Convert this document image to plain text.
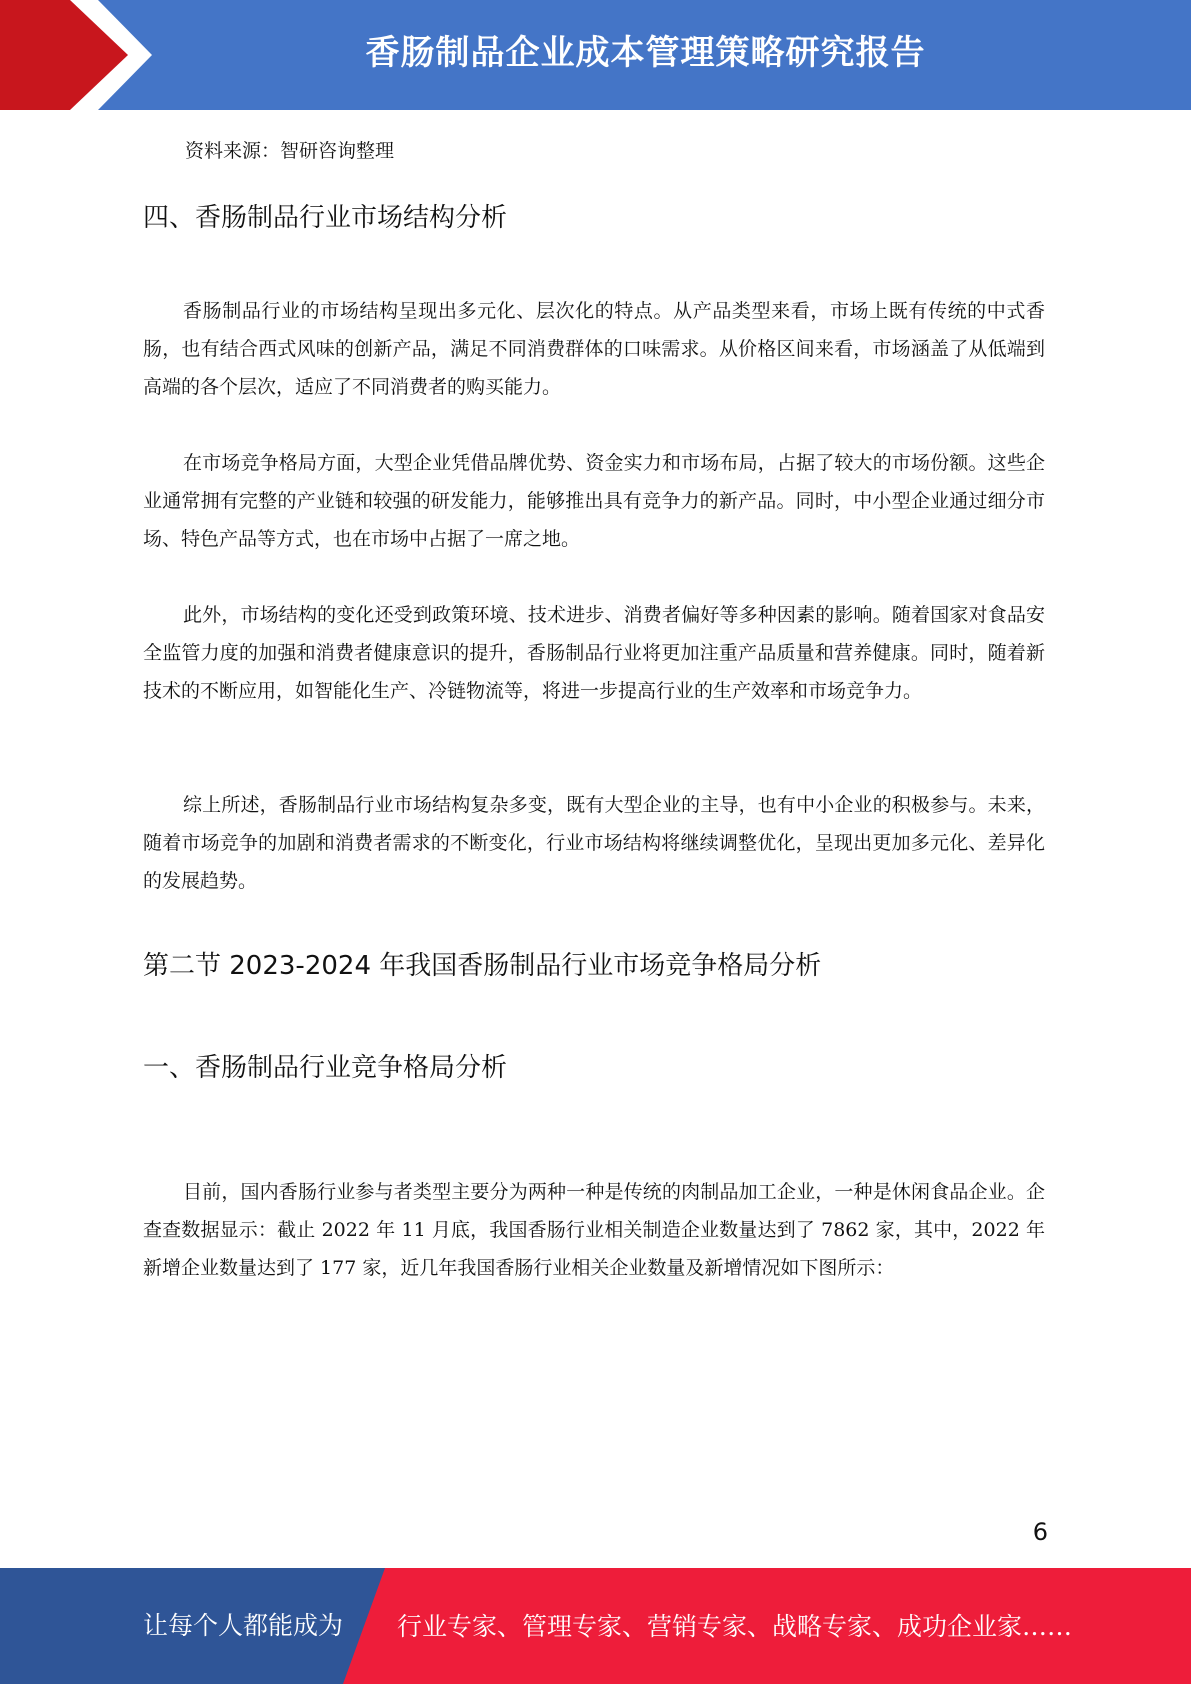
香肠制品企业成本管理策略研究报告

资料来源：智研咨询整理

四、香肠制品行业市场结构分析

香肠制品行业的市场结构呈现出多元化、层次化的特点。从产品类型来看，市场上既有传统的中式香肠，也有结合西式风味的创新产品，满足不同消费群体的口味需求。从价格区间来看，市场涵盖了从低端到高端的各个层次，适应了不同消费者的购买能力。

在市场竞争格局方面，大型企业凭借品牌优势、资金实力和市场布局，占据了较大的市场份额。这些企业通常拥有完整的产业链和较强的研发能力，能够推出具有竞争力的新产品。同时，中小型企业通过细分市场、特色产品等方式，也在市场中占据了一席之地。

此外，市场结构的变化还受到政策环境、技术进步、消费者偏好等多种因素的影响。随着国家对食品安全监管力度的加强和消费者健康意识的提升，香肠制品行业将更加注重产品质量和营养健康。同时，随着新技术的不断应用，如智能化生产、冷链物流等，将进一步提高行业的生产效率和市场竞争力。

综上所述，香肠制品行业市场结构复杂多变，既有大型企业的主导，也有中小企业的积极参与。未来，随着市场竞争的加剧和消费者需求的不断变化，行业市场结构将继续调整优化，呈现出更加多元化、差异化的发展趋势。

第二节 2023-2024 年我国香肠制品行业市场竞争格局分析
一、香肠制品行业竞争格局分析

目前，国内香肠行业参与者类型主要分为两种一种是传统的肉制品加工企业，一种是休闲食品企业。企查查数据显示：截止 2022 年 11 月底，我国香肠行业相关制造企业数量达到了 7862 家，其中，2022 年新增企业数量达到了 177 家，近几年我国香肠行业相关企业数量及新增情况如下图所示：

6
让每个人都能成为 行业专家、管理专家、营销专家、战略专家、成功企业家……
